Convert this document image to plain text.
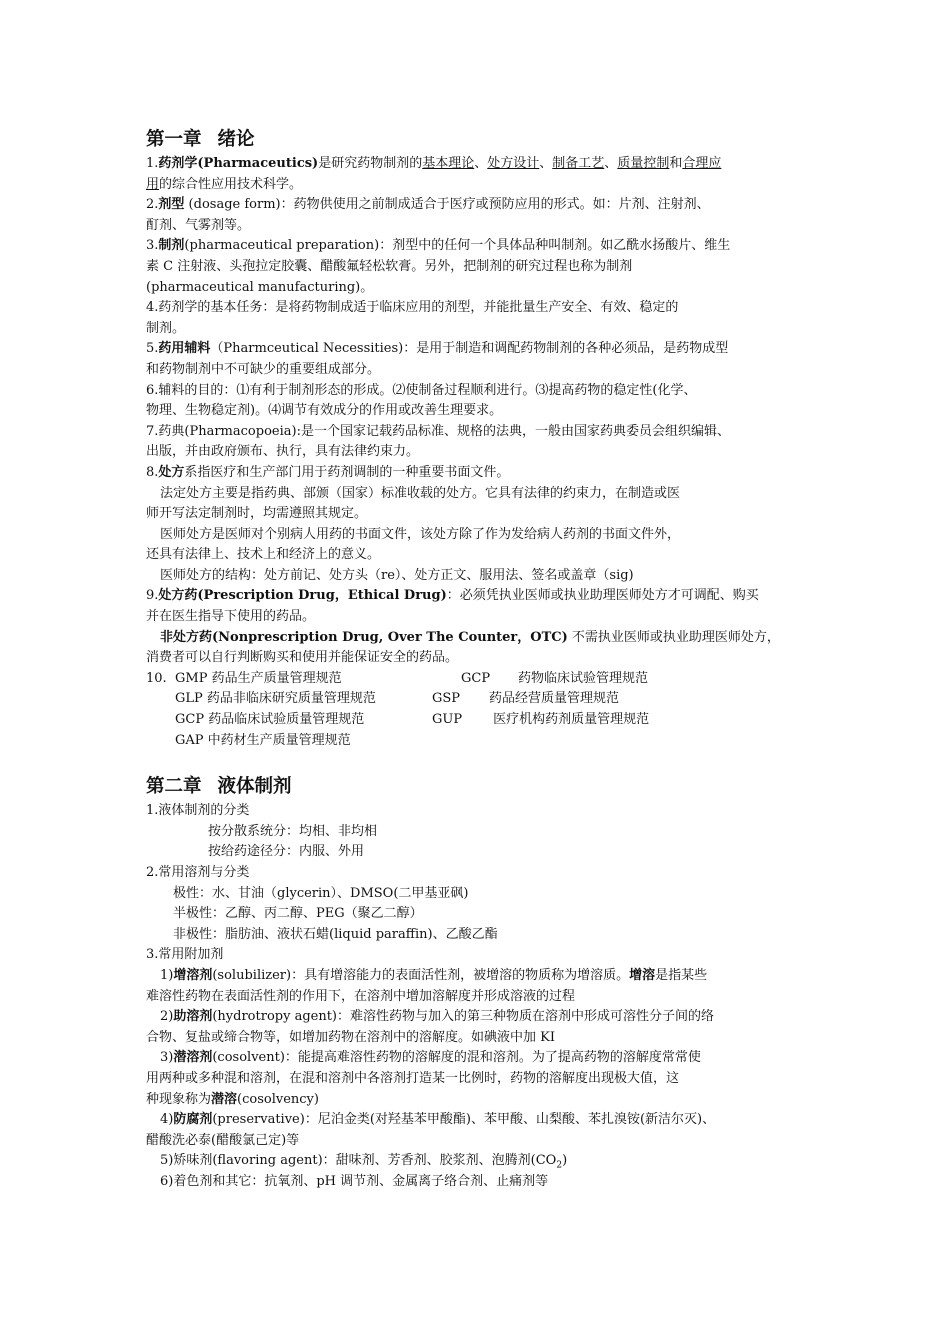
第一章 绪论
1.药剂学(Pharmaceutics)是研究药物制剂的基本理论、处方设计、制备工艺、质量控制和合理应
用的综合性应用技术科学。
2.剂型 (dosage form)：药物供使用之前制成适合于医疗或预防应用的形式。如：片剂、注射剂、
酊剂、气雾剂等。
3.制剂(pharmaceutical preparation)：剂型中的任何一个具体品种叫制剂。如乙酰水扬酸片、维生
素 C 注射液、头孢拉定胶囊、醋酸氟轻松软膏。另外，把制剂的研究过程也称为制剂
(pharmaceutical manufacturing)。
4.药剂学的基本任务：是将药物制成适于临床应用的剂型，并能批量生产安全、有效、稳定的
制剂。
5.药用辅料（Pharmceutical Necessities)：是用于制造和调配药物制剂的各种必须品，是药物成型
和药物制剂中不可缺少的重要组成部分。
6.辅料的目的：⑴有利于制剂形态的形成。⑵使制备过程顺利进行。⑶提高药物的稳定性(化学、
物理、生物稳定剂)。⑷调节有效成分的作用或改善生理要求。
7.药典(Pharmacopoeia):是一个国家记载药品标准、规格的法典，一般由国家药典委员会组织编辑、
出版，并由政府颁布、执行，具有法律约束力。
8.处方系指医疗和生产部门用于药剂调制的一种重要书面文件。
法定处方主要是指药典、部颁（国家）标准收载的处方。它具有法律的约束力，在制造或医
师开写法定制剂时，均需遵照其规定。
医师处方是医师对个别病人用药的书面文件，该处方除了作为发给病人药剂的书面文件外，
还具有法律上、技术上和经济上的意义。
医师处方的结构：处方前记、处方头（re）、处方正文、服用法、签名或盖章（sig)
9.处方药(Prescription Drug，Ethical Drug)：必须凭执业医师或执业助理医师处方才可调配、购买
并在医生指导下使用的药品。
非处方药(Nonprescription Drug, Over The Counter，OTC) 不需执业医师或执业助理医师处方，
消费者可以自行判断购买和使用并能保证安全的药品。
10. GMP 药品生产质量管理规范	GCP 药物临床试验管理规范
GLP 药品非临床研究质量管理规范	GSP 药品经营质量管理规范
GCP 药品临床试验质量管理规范	GUP 医疗机构药剂质量管理规范
GAP 中药材生产质量管理规范
第二章 液体制剂
1.液体制剂的分类
按分散系统分：均相、非均相
按给药途径分：内服、外用
2.常用溶剂与分类
极性：水、甘油（glycerin）、DMSO(二甲基亚砜)
半极性：乙醇、丙二醇、PEG（聚乙二醇）
非极性：脂肪油、液状石蜡(liquid paraffin)、乙酸乙酯
3.常用附加剂
1)增溶剂(solubilizer)：具有增溶能力的表面活性剂，被增溶的物质称为增溶质。增溶是指某些
难溶性药物在表面活性剂的作用下，在溶剂中增加溶解度并形成溶液的过程
2)助溶剂(hydrotropy agent)：难溶性药物与加入的第三种物质在溶剂中形成可溶性分子间的络
合物、复盐或缔合物等，如增加药物在溶剂中的溶解度。如碘液中加 KI
3)潜溶剂(cosolvent)：能提高难溶性药物的溶解度的混和溶剂。为了提高药物的溶解度常常使
用两种或多种混和溶剂，在混和溶剂中各溶剂打造某一比例时，药物的溶解度出现极大值，这
种现象称为潜溶(cosolvency)
4)防腐剂(preservative)：尼泊金类(对羟基苯甲酸酯)、苯甲酸、山梨酸、苯扎溴铵(新洁尔灭)、
醋酸洗必泰(醋酸氯己定)等
5)矫味剂(flavoring agent)：甜味剂、芳香剂、胶浆剂、泡腾剂$(CO_2)$
6)着色剂和其它：抗氧剂、pH 调节剂、金属离子络合剂、止痛剂等
